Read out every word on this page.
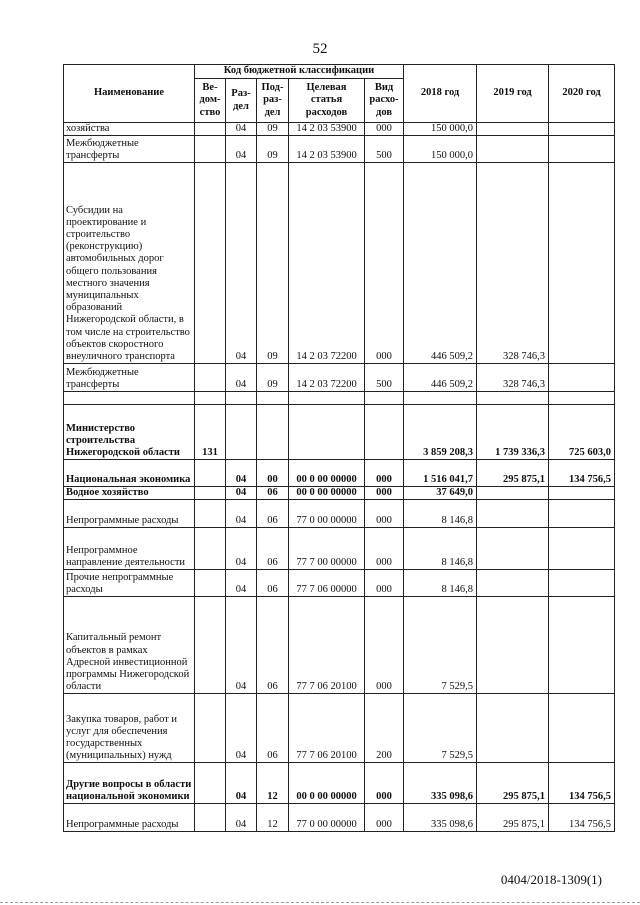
52
Наименование	Код бюджетной классификации					2018 год	2019 год	2020 год
	Ве-дом-ство	Раз-дел	Под-раз-дел	Целевая статья расходов	Вид расхо-дов			
хозяйства		04	09	14 2 03 53900	000	150 000,0		
Межбюджетные трансферты		04	09	14 2 03 53900	500	150 000,0		
Субсидии на проектирование и строительство (реконструкцию) автомобильных дорог общего пользования местного значения муниципальных образований Нижегородской области, в том числе на строительство объектов скоростного внеуличного транспорта		04	09	14 2 03 72200	000	446 509,2	328 746,3	
Межбюджетные трансферты		04	09	14 2 03 72200	500	446 509,2	328 746,3	

Министерство строительства Нижегородской области	131					3 859 208,3	1 739 336,3	725 603,0
Национальная экономика		04	00	00 0 00 00000	000	1 516 041,7	295 875,1	134 756,5
Водное хозяйство		04	06	00 0 00 00000	000	37 649,0		
Непрограммные расходы		04	06	77 0 00 00000	000	8 146,8		
Непрограммное направление деятельности		04	06	77 7 00 00000	000	8 146,8		
Прочие непрограммные расходы		04	06	77 7 06 00000	000	8 146,8		
Капитальный ремонт объектов в рамках Адресной инвестиционной программы Нижегородской области		04	06	77 7 06 20100	000	7 529,5		
Закупка товаров, работ и услуг для обеспечения государственных (муниципальных) нужд		04	06	77 7 06 20100	200	7 529,5		
Другие вопросы в области национальной экономики		04	12	00 0 00 00000	000	335 098,6	295 875,1	134 756,5
Непрограммные расходы		04	12	77 0 00 00000	000	335 098,6	295 875,1	134 756,5
0404/2018-1309(1)
